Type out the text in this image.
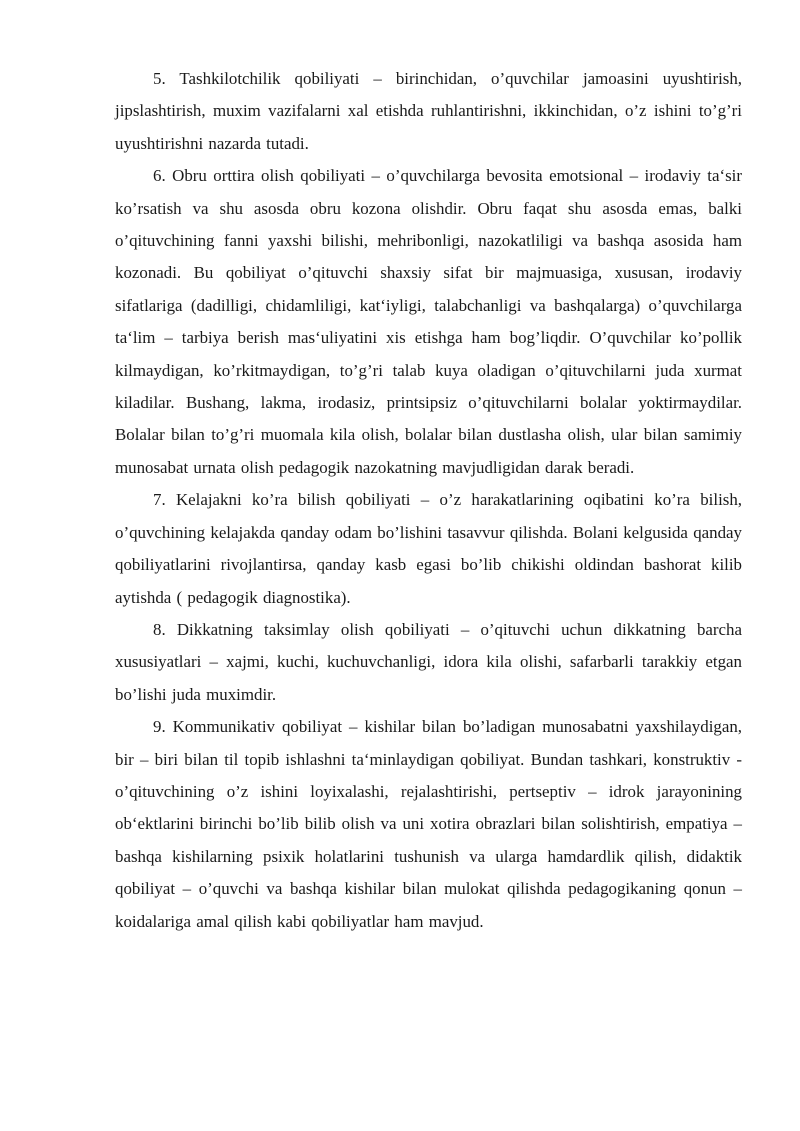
5. Tashkilotchilik qobiliyati – birinchidan, o’quvchilar jamoasini uyushtirish, jipslashtirish, muxim vazifalarni xal etishda ruhlantirishni, ikkinchidan, o’z ishini to’g’ri uyushtirishni nazarda tutadi.

6. Obru orttira olish qobiliyati – o’quvchilarga bevosita emotsional – irodaviy ta‘sir ko’rsatish va shu asosda obru kozona olishdir. Obru faqat shu asosda emas, balki o’qituvchining fanni yaxshi bilishi, mehribonligi, nazokatliligi va bashqa asosida ham kozonadi. Bu qobiliyat o’qituvchi shaxsiy sifat bir majmuasiga, xususan, irodaviy sifatlariga (dadilligi, chidamliligi, kat‘iyligi, talabchanligi va bashqalarga) o’quvchilarga ta‘lim – tarbiya berish mas‘uliyatini xis etishga ham bog’liqdir. O’quvchilar ko’pollik kilmaydigan, ko’rkitmaydigan, to’g’ri talab kuya oladigan o’qituvchilarni juda xurmat kiladilar. Bushang, lakma, irodasiz, printsipsiz o’qituvchilarni bolalar yoktirmaydilar. Bolalar bilan to’g’ri muomala kila olish, bolalar bilan dustlasha olish, ular bilan samimiy munosabat urnata olish pedagogik nazokatning mavjudligidan darak beradi.

7. Kelajakni ko’ra bilish qobiliyati – o’z harakatlarining oqibatini ko’ra bilish, o’quvchining kelajakda qanday odam bo’lishini tasavvur qilishda. Bolani kelgusida qanday qobiliyatlarini rivojlantirsa, qanday kasb egasi bo’lib chikishi oldindan bashorat kilib aytishda ( pedagogik diagnostika).

8. Dikkatning taksimlay olish qobiliyati – o’qituvchi uchun dikkatning barcha xususiyatlari – xajmi, kuchi, kuchuvchanligi, idora kila olishi, safarbarli tarakkiy etgan bo’lishi juda muximdir.

9. Kommunikativ qobiliyat – kishilar bilan bo’ladigan munosabatni yaxshilaydigan, bir – biri bilan til topib ishlashni ta‘minlaydigan qobiliyat. Bundan tashkari, konstruktiv - o’qituvchining o’z ishini loyixalashi, rejalashtirishi, pertseptiv – idrok jarayonining ob‘ektlarini birinchi bo’lib bilib olish va uni xotira obrazlari bilan solishtirish, empatiya – bashqa kishilarning psixik holatlarini tushunish va ularga hamdardlik qilish, didaktik qobiliyat – o’quvchi va bashqa kishilar bilan mulokat qilishda pedagogikaning qonun – koidalariga amal qilish kabi qobiliyatlar ham mavjud.
